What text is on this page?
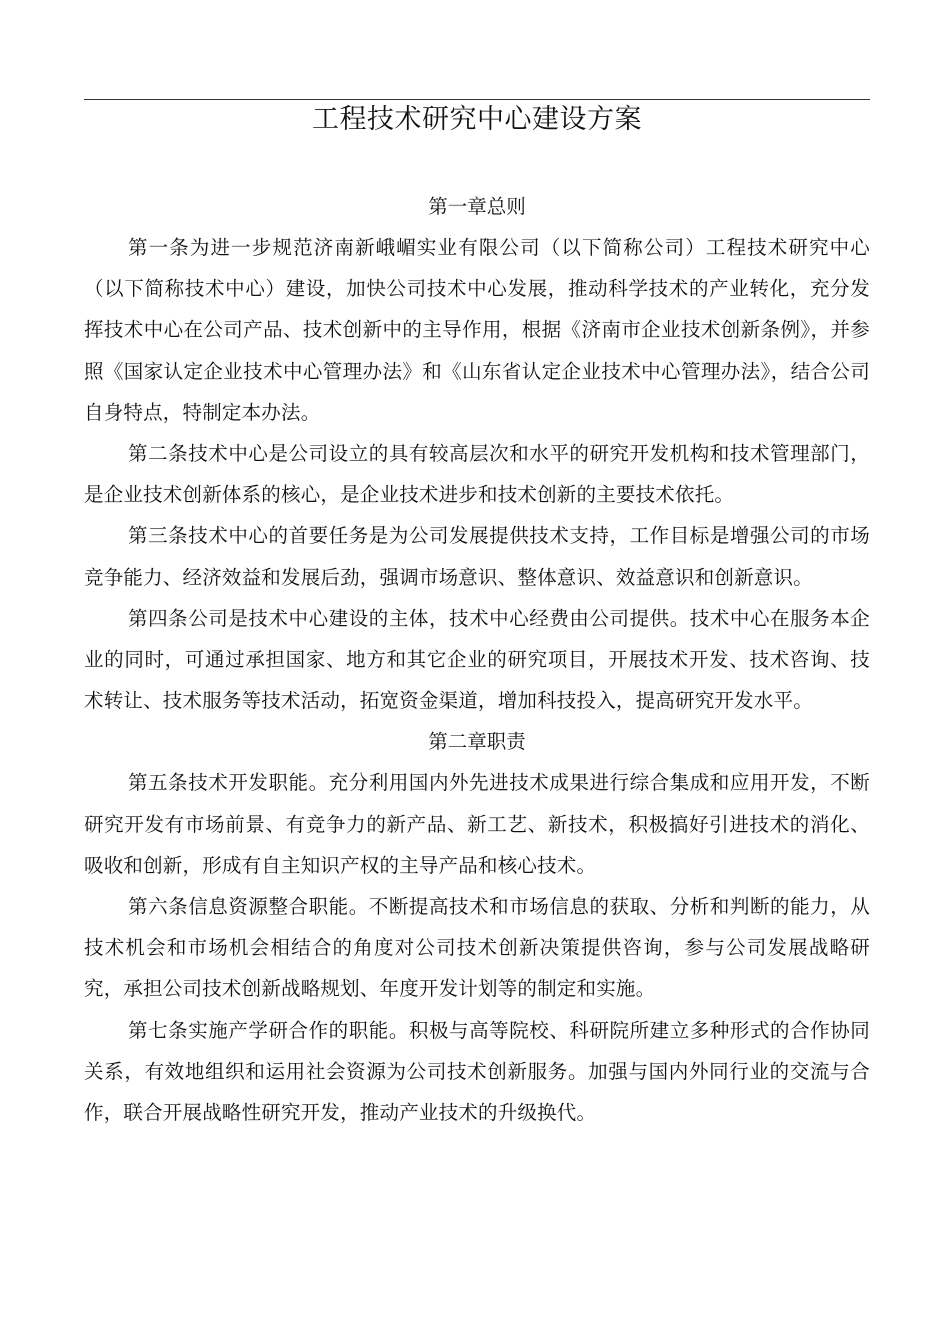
工程技术研究中心建设方案

第一章总则

第一条为进一步规范济南新峨嵋实业有限公司（以下简称公司）工程技术研究中心（以下简称技术中心）建设，加快公司技术中心发展，推动科学技术的产业转化，充分发挥技术中心在公司产品、技术创新中的主导作用，根据《济南市企业技术创新条例》，并参照《国家认定企业技术中心管理办法》和《山东省认定企业技术中心管理办法》，结合公司自身特点，特制定本办法。

第二条技术中心是公司设立的具有较高层次和水平的研究开发机构和技术管理部门，是企业技术创新体系的核心，是企业技术进步和技术创新的主要技术依托。

第三条技术中心的首要任务是为公司发展提供技术支持，工作目标是增强公司的市场竞争能力、经济效益和发展后劲，强调市场意识、整体意识、效益意识和创新意识。

第四条公司是技术中心建设的主体，技术中心经费由公司提供。技术中心在服务本企业的同时，可通过承担国家、地方和其它企业的研究项目，开展技术开发、技术咨询、技术转让、技术服务等技术活动，拓宽资金渠道，增加科技投入，提高研究开发水平。

第二章职责

第五条技术开发职能。充分利用国内外先进技术成果进行综合集成和应用开发，不断研究开发有市场前景、有竞争力的新产品、新工艺、新技术，积极搞好引进技术的消化、吸收和创新，形成有自主知识产权的主导产品和核心技术。

第六条信息资源整合职能。不断提高技术和市场信息的获取、分析和判断的能力，从技术机会和市场机会相结合的角度对公司技术创新决策提供咨询，参与公司发展战略研究，承担公司技术创新战略规划、年度开发计划等的制定和实施。

第七条实施产学研合作的职能。积极与高等院校、科研院所建立多种形式的合作协同关系，有效地组织和运用社会资源为公司技术创新服务。加强与国内外同行业的交流与合作，联合开展战略性研究开发，推动产业技术的升级换代。
